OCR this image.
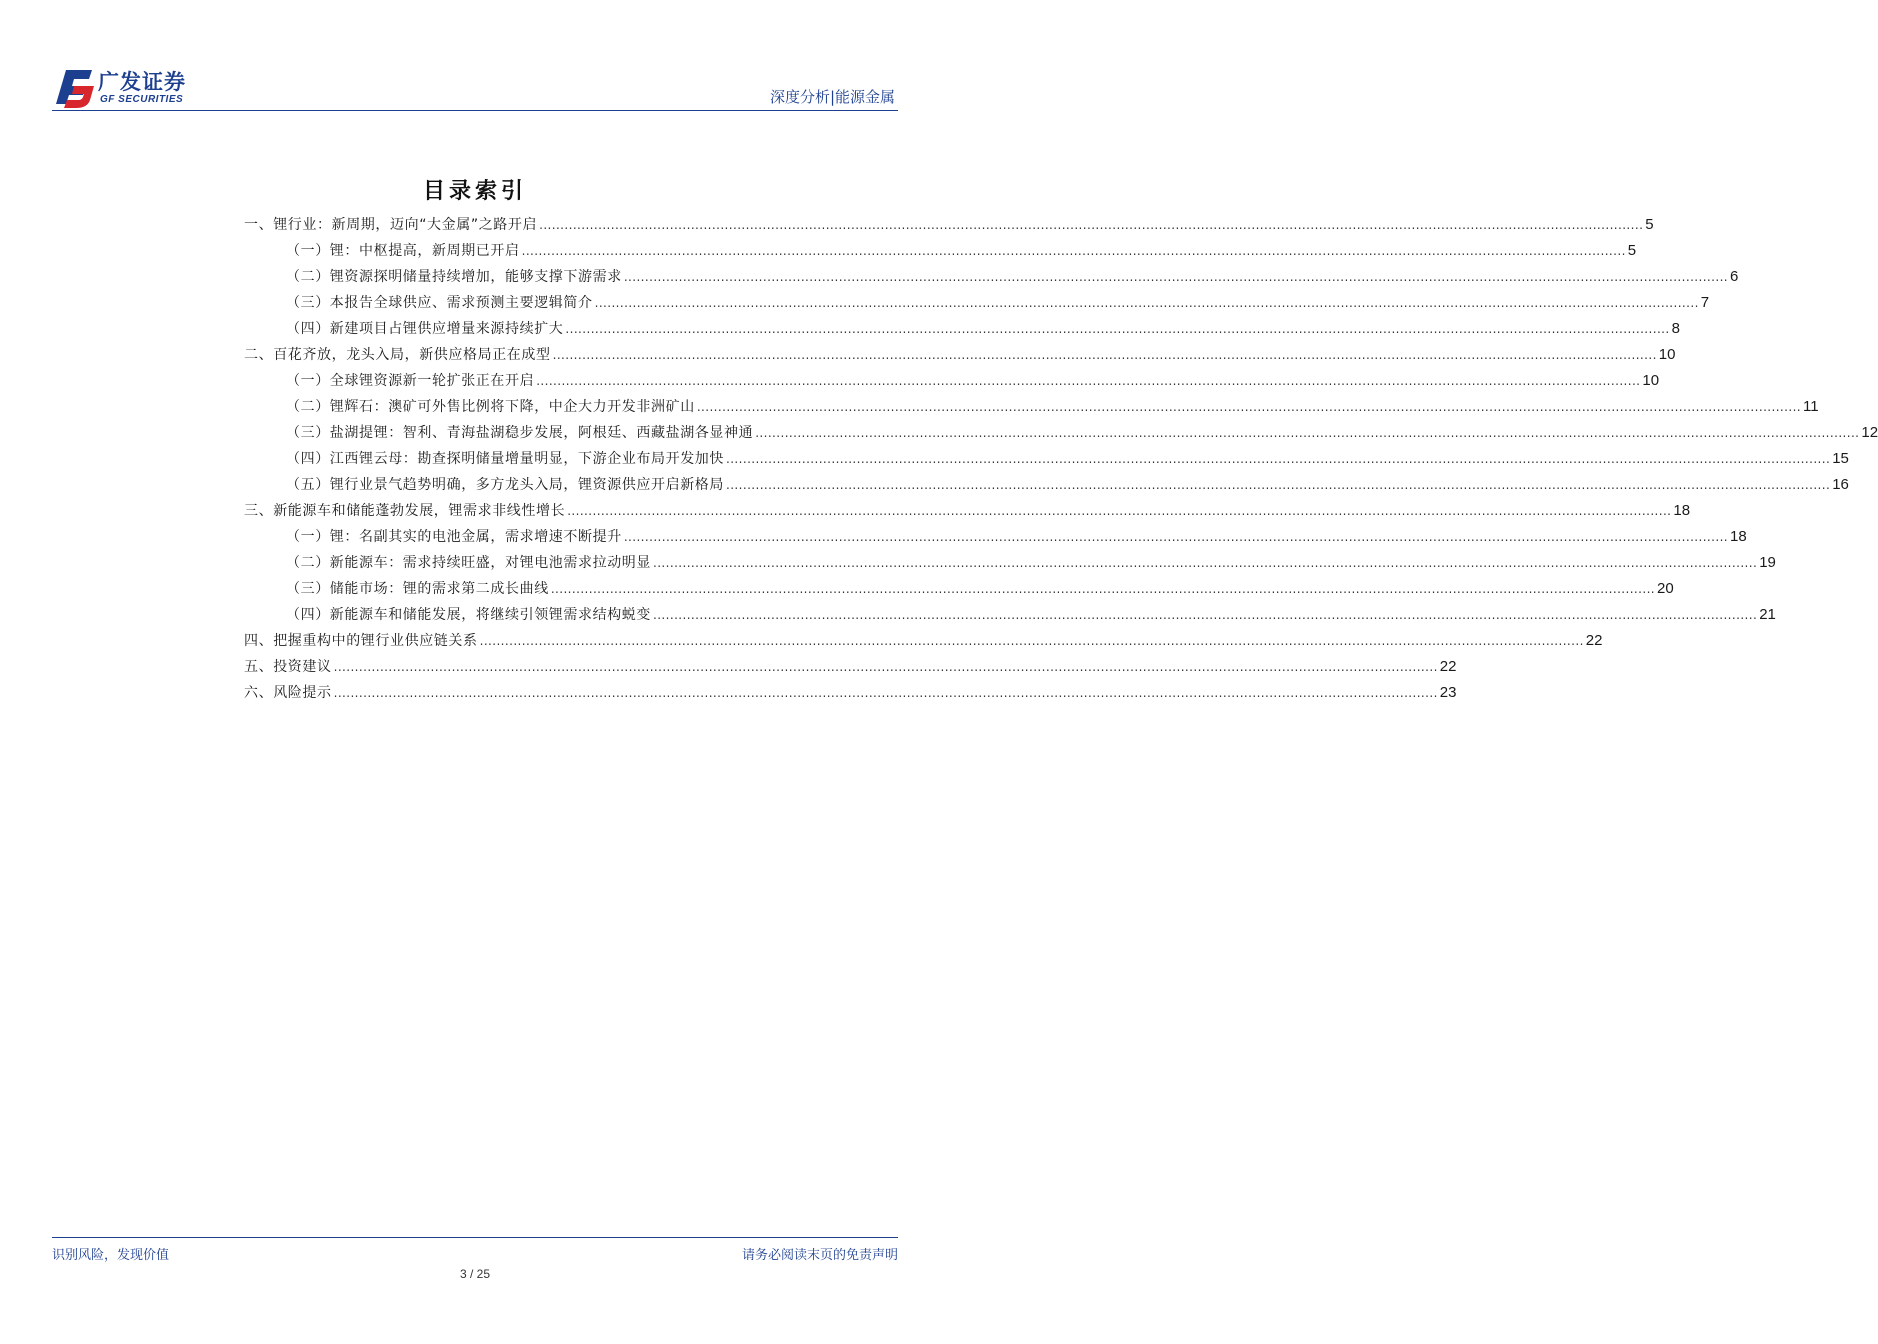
广发证券
GF SECURITIES	深度分析|能源金属
目录索引
一、锂行业：新周期，迈向“大金属”之路开启 .....	5
（一）锂：中枢提高，新周期已开启 .....	5
（二）锂资源探明储量持续增加，能够支撑下游需求 .....	6
（三）本报告全球供应、需求预测主要逻辑简介 .....	7
（四）新建项目占锂供应增量来源持续扩大 .....	8
二、百花齐放，龙头入局，新供应格局正在成型 .....	10
（一）全球锂资源新一轮扩张正在开启 .....	10
（二）锂辉石：澳矿可外售比例将下降，中企大力开发非洲矿山 .....	11
（三）盐湖提锂：智利、青海盐湖稳步发展，阿根廷、西藏盐湖各显神通 .....	12
（四）江西锂云母：勘查探明储量增量明显，下游企业布局开发加快 .....	15
（五）锂行业景气趋势明确，多方龙头入局，锂资源供应开启新格局 .....	16
三、新能源车和储能蓬勃发展，锂需求非线性增长 .....	18
（一）锂：名副其实的电池金属，需求增速不断提升 .....	18
（二）新能源车：需求持续旺盛，对锂电池需求拉动明显 .....	19
（三）储能市场：锂的需求第二成长曲线 .....	20
（四）新能源车和储能发展，将继续引领锂需求结构蜕变 .....	21
四、把握重构中的锂行业供应链关系 .....	22
五、投资建议 .....	22
六、风险提示 .....	23
识别风险，发现价值	请务必阅读末页的免责声明
3 / 25
